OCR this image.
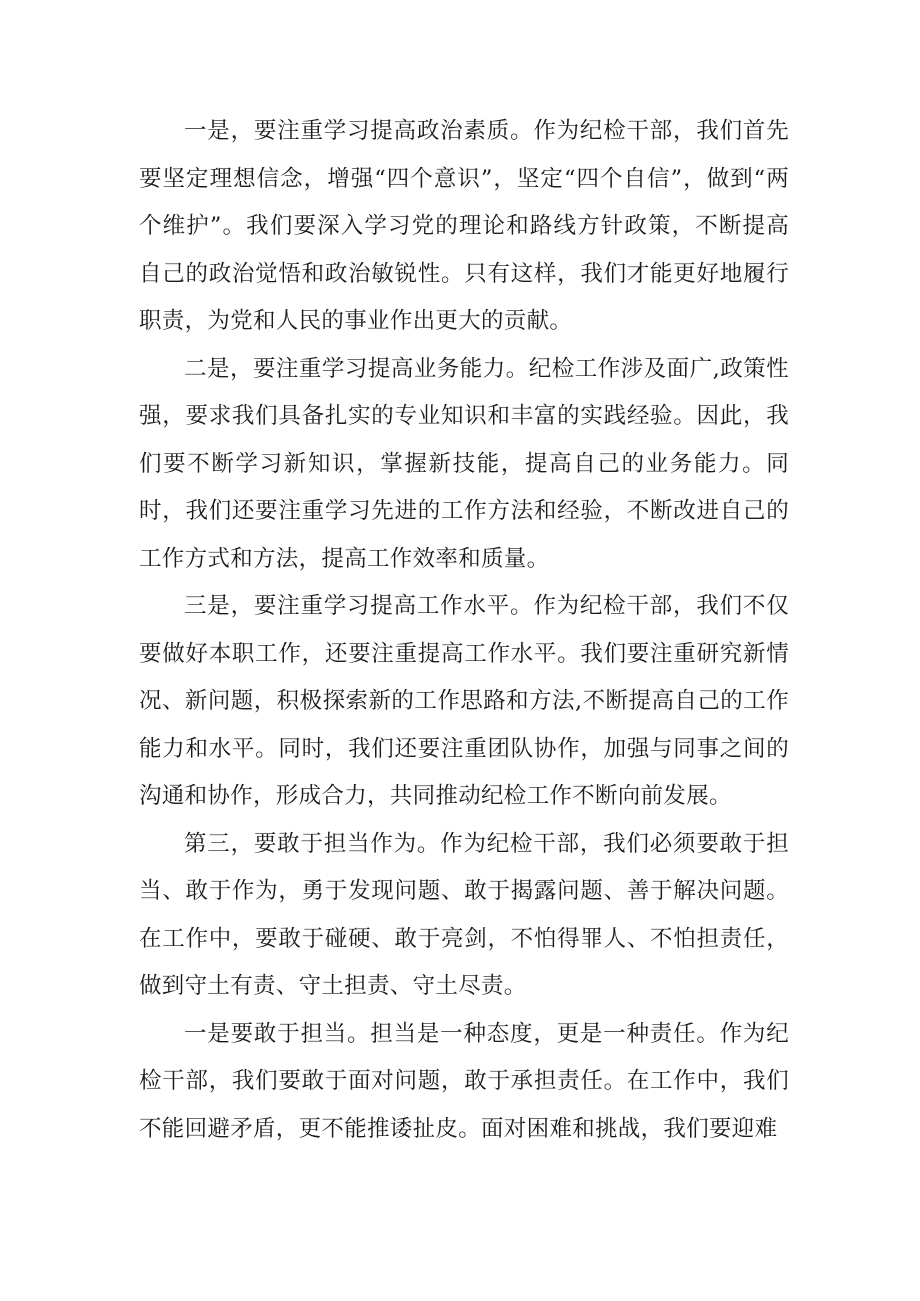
一是，要注重学习提高政治素质。作为纪检干部，我们首先要坚定理想信念，增强“四个意识”，坚定“四个自信”，做到“两个维护”。我们要深入学习党的理论和路线方针政策，不断提高自己的政治觉悟和政治敏锐性。只有这样，我们才能更好地履行职责，为党和人民的事业作出更大的贡献。

二是，要注重学习提高业务能力。纪检工作涉及面广,政策性强，要求我们具备扎实的专业知识和丰富的实践经验。因此，我们要不断学习新知识，掌握新技能，提高自己的业务能力。同时，我们还要注重学习先进的工作方法和经验，不断改进自己的工作方式和方法，提高工作效率和质量。

三是，要注重学习提高工作水平。作为纪检干部，我们不仅要做好本职工作，还要注重提高工作水平。我们要注重研究新情况、新问题，积极探索新的工作思路和方法,不断提高自己的工作能力和水平。同时，我们还要注重团队协作，加强与同事之间的沟通和协作，形成合力，共同推动纪检工作不断向前发展。

第三，要敢于担当作为。作为纪检干部，我们必须要敢于担当、敢于作为，勇于发现问题、敢于揭露问题、善于解决问题。在工作中，要敢于碰硬、敢于亮剑，不怕得罪人、不怕担责任，做到守土有责、守土担责、守土尽责。

一是要敢于担当。担当是一种态度，更是一种责任。作为纪检干部，我们要敢于面对问题，敢于承担责任。在工作中，我们不能回避矛盾，更不能推诿扯皮。面对困难和挑战，我们要迎难
